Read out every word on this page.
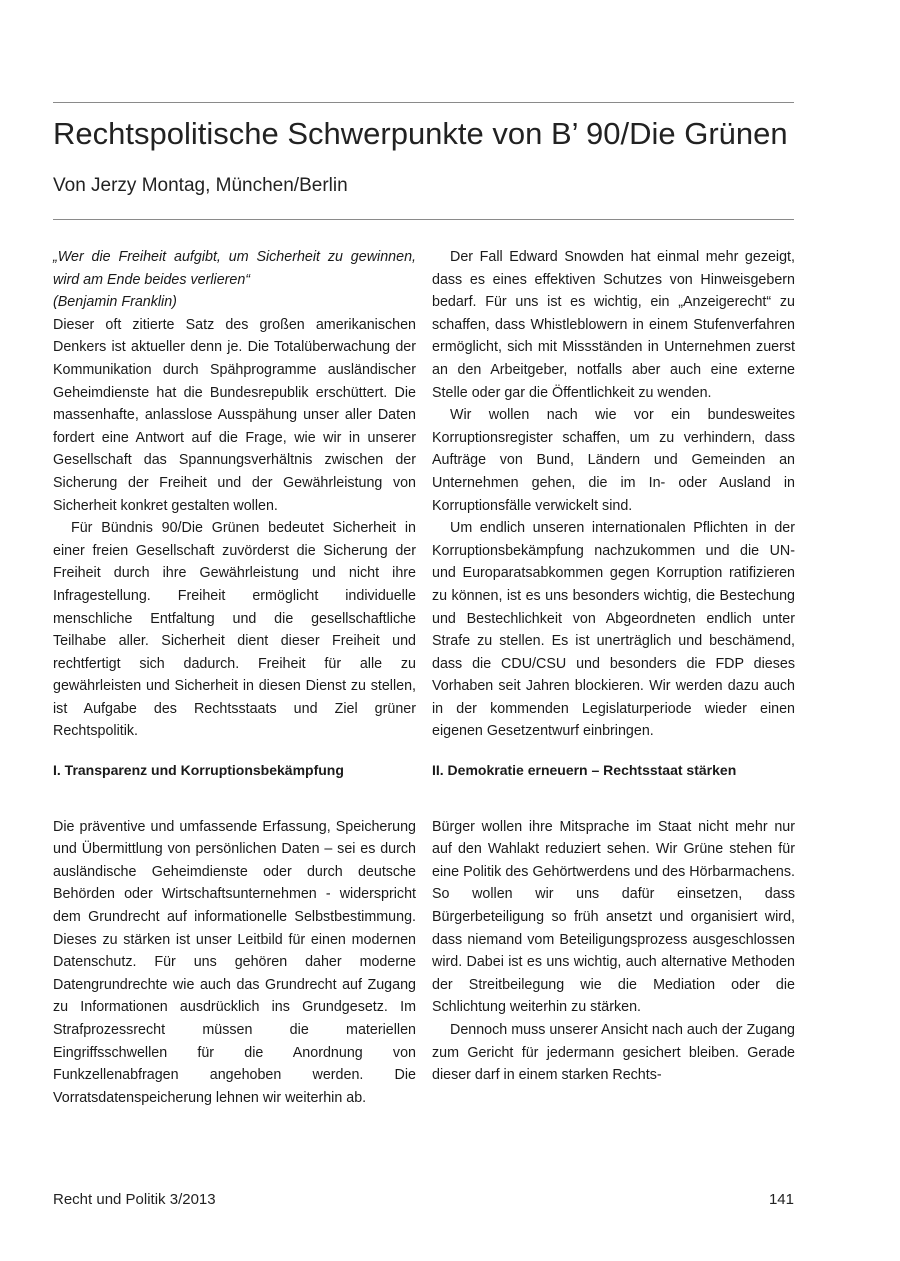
Rechtspolitische Schwerpunkte von B’ 90/Die Grünen

Von Jerzy Montag, München/Berlin

„Wer die Freiheit aufgibt, um Sicherheit zu gewinnen, wird am Ende beides verlieren“

(Benjamin Franklin)

Dieser oft zitierte Satz des großen amerikanischen Denkers ist aktueller denn je. Die Totalüberwachung der Kommunikation durch Spähprogramme ausländischer Geheimdienste hat die Bundesrepublik erschüttert. Die massenhafte, anlasslose Ausspähung unser aller Daten fordert eine Antwort auf die Frage, wie wir in unserer Gesellschaft das Spannungsverhältnis zwischen der Sicherung der Freiheit und der Gewährleistung von Sicherheit konkret gestalten wollen.

Für Bündnis 90/Die Grünen bedeutet Sicherheit in einer freien Gesellschaft zuvörderst die Sicherung der Freiheit durch ihre Gewährleistung und nicht ihre Infragestellung. Freiheit ermöglicht individuelle menschliche Entfaltung und die gesellschaftliche Teilhabe aller. Sicherheit dient dieser Freiheit und rechtfertigt sich dadurch. Freiheit für alle zu gewährleisten und Sicherheit in diesen Dienst zu stellen, ist Aufgabe des Rechtsstaats und Ziel grüner Rechtspolitik.

I. Transparenz und Korruptionsbekämpfung

Die präventive und umfassende Erfassung, Speicherung und Übermittlung von persönlichen Daten – sei es durch ausländische Geheimdienste oder durch deutsche Behörden oder Wirtschaftsunternehmen - widerspricht dem Grundrecht auf informationelle Selbstbestimmung. Dieses zu stärken ist unser Leitbild für einen modernen Datenschutz. Für uns gehören daher moderne Datengrundrechte wie auch das Grundrecht auf Zugang zu Informationen ausdrücklich ins Grundgesetz. Im Strafprozessrecht müssen die materiellen Eingriffsschwellen für die Anordnung von Funkzellenabfragen angehoben werden. Die Vorratsdatenspeicherung lehnen wir weiterhin ab.

Der Fall Edward Snowden hat einmal mehr gezeigt, dass es eines effektiven Schutzes von Hinweisgebern bedarf. Für uns ist es wichtig, ein „Anzeigerecht“ zu schaffen, dass Whistleblowern in einem Stufenverfahren ermöglicht, sich mit Missständen in Unternehmen zuerst an den Arbeitgeber, notfalls aber auch eine externe Stelle oder gar die Öffentlichkeit zu wenden.

Wir wollen nach wie vor ein bundesweites Korruptionsregister schaffen, um zu verhindern, dass Aufträge von Bund, Ländern und Gemeinden an Unternehmen gehen, die im In- oder Ausland in Korruptionsfälle verwickelt sind.

Um endlich unseren internationalen Pflichten in der Korruptionsbekämpfung nachzukommen und die UN- und Europaratsabkommen gegen Korruption ratifizieren zu können, ist es uns besonders wichtig, die Bestechung und Bestechlichkeit von Abgeordneten endlich unter Strafe zu stellen. Es ist unerträglich und beschämend, dass die CDU/CSU und besonders die FDP dieses Vorhaben seit Jahren blockieren. Wir werden dazu auch in der kommenden Legislaturperiode wieder einen eigenen Gesetzentwurf einbringen.

II. Demokratie erneuern – Rechtsstaat stärken

Bürger wollen ihre Mitsprache im Staat nicht mehr nur auf den Wahlakt reduziert sehen. Wir Grüne stehen für eine Politik des Gehörtwerdens und des Hörbarmachens. So wollen wir uns dafür einsetzen, dass Bürgerbeteiligung so früh ansetzt und organisiert wird, dass niemand vom Beteiligungsprozess ausgeschlossen wird. Dabei ist es uns wichtig, auch alternative Methoden der Streitbeilegung wie die Mediation oder die Schlichtung weiterhin zu stärken.

Dennoch muss unserer Ansicht nach auch der Zugang zum Gericht für jedermann gesichert bleiben. Gerade dieser darf in einem starken Rechts-

Recht und Politik 3/2013	141
